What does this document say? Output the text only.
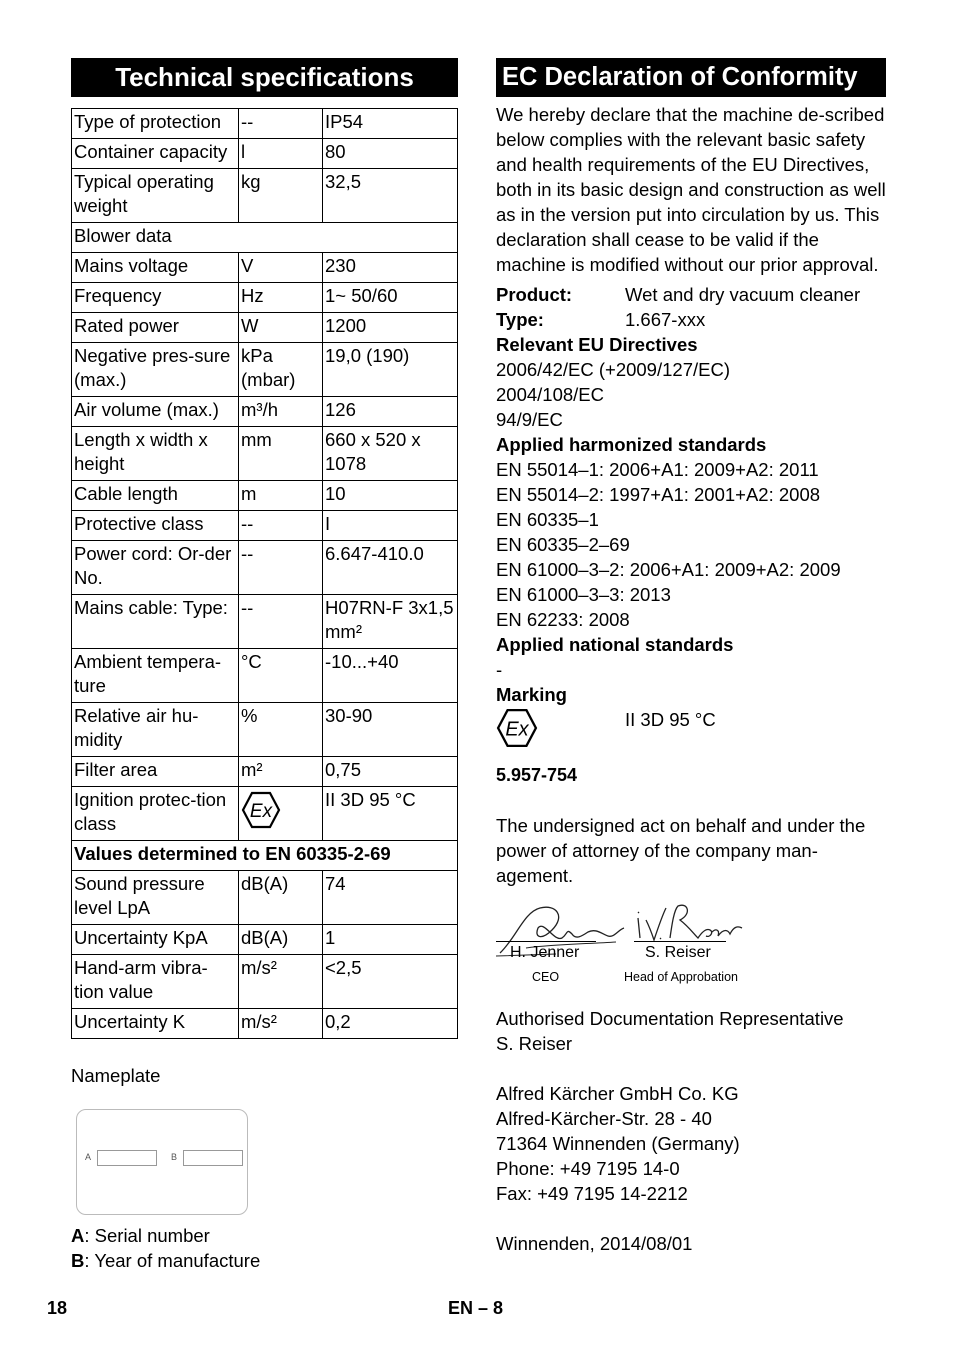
Technical specifications
Type of protection	--	IP54
Container capacity	l	80
Typical operating weight	kg	32,5
Blower data		
Mains voltage	V	230
Frequency	Hz	1~ 50/60
Rated power	W	1200
Negative pres-sure (max.)	kPa (mbar)	19,0 (190)
Air volume (max.)	m³/h	126
Length x width x height	mm	660 x 520 x 1078
Cable length	m	10
Protective class	--	I
Power cord: Or-der No.	--	6.647-410.0
Mains cable: Type:	--	H07RN-F 3x1,5 mm²
Ambient tempera-ture	°C	-10...+40
Relative air hu-midity	%	30-90
Filter area	m²	0,75
Ignition protec-tion class	Ex	II 3D 95 °C
Values determined to EN 60335-2-69		
Sound pressure level LpA	dB(A)	74
Uncertainty KpA	dB(A)	1
Hand-arm vibra-tion value	m/s²	<2,5
Uncertainty K	m/s²	0,2
Nameplate
A	B
A: Serial number
B: Year of manufacture
EC Declaration of Conformity
We hereby declare that the machine de-scribed below complies with the relevant basic safety and health requirements of the EU Directives, both in its basic design and construction as well as in the version put into circulation by us. This declaration shall cease to be valid if the machine is modified without our prior approval.
Product:	Wet and dry vacuum cleaner
Type:	1.667-xxx
Relevant EU Directives
2006/42/EC (+2009/127/EC)
2004/108/EC
94/9/EC
Applied harmonized standards
EN 55014–1: 2006+A1: 2009+A2: 2011
EN 55014–2: 1997+A1: 2001+A2: 2008
EN 60335–1
EN 60335–2–69
EN 61000–3–2: 2006+A1: 2009+A2: 2009
EN 61000–3–3: 2013
EN 62233: 2008
Applied national standards
-
Marking
Ex	II 3D 95 °C
5.957-754
The undersigned act on behalf and under the power of attorney of the company man-agement.
H. Jenner
CEO
S. Reiser
Head of Approbation
Authorised Documentation Representative
S. Reiser
Alfred Kärcher GmbH Co. KG
Alfred-Kärcher-Str. 28 - 40
71364 Winnenden (Germany)
Phone: +49 7195 14-0
Fax: +49 7195 14-2212
Winnenden, 2014/08/01
18	EN – 8
